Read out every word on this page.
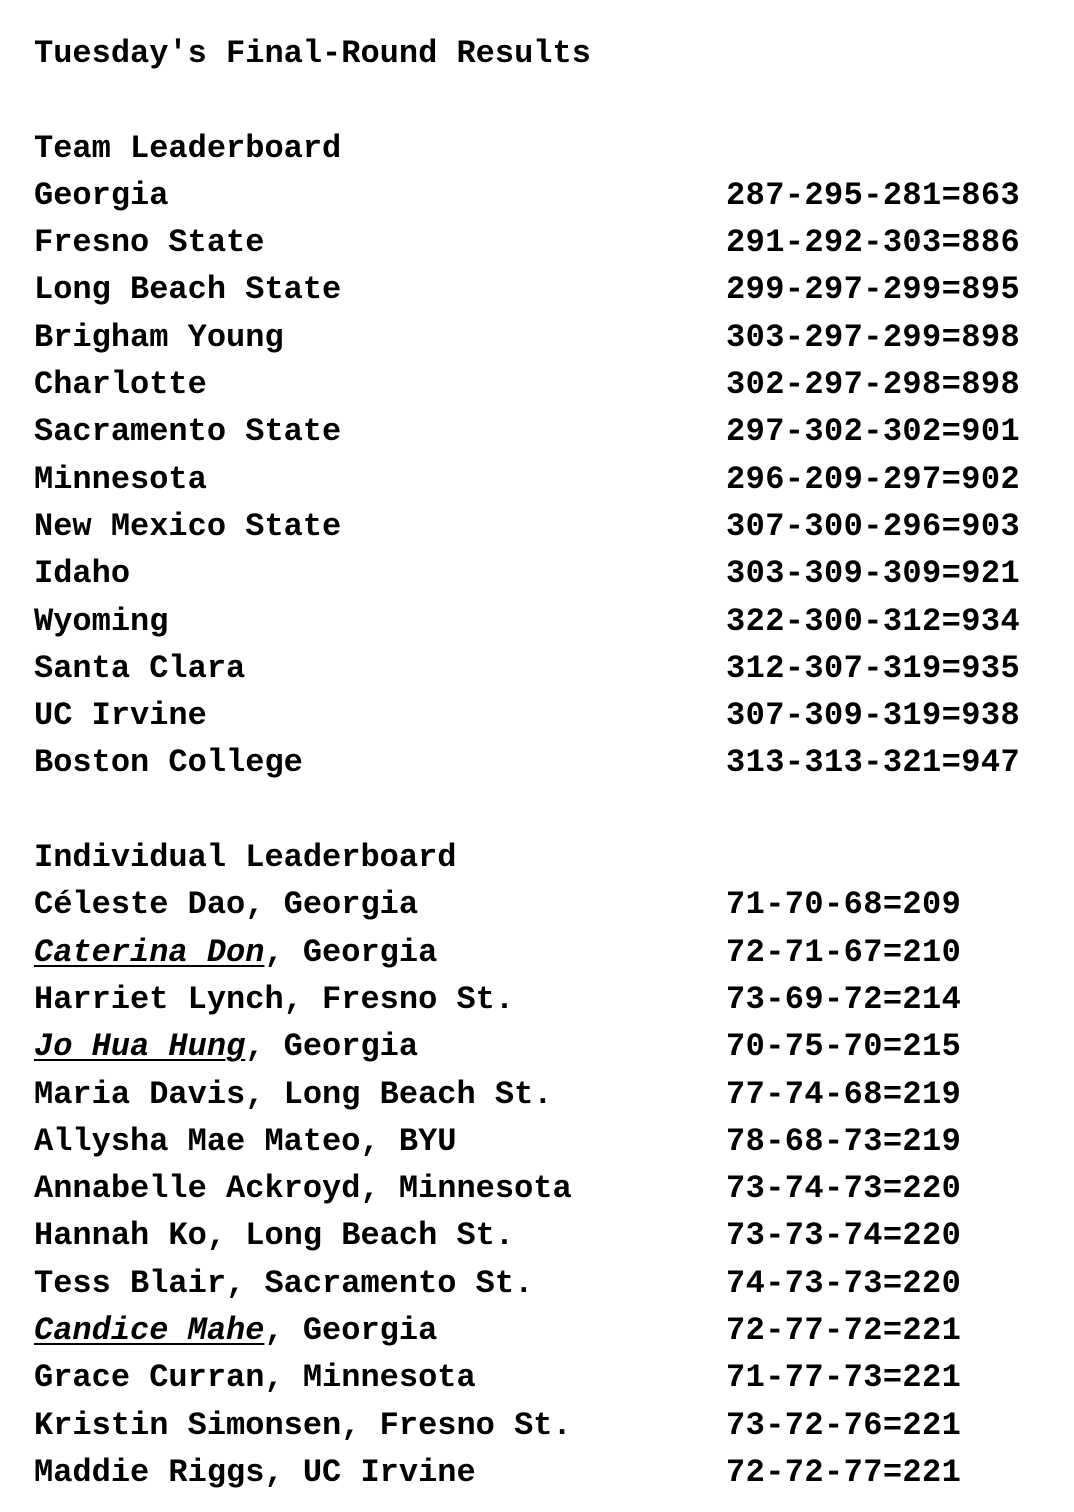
Tuesday's Final-Round Results

Team Leaderboard

Georgia	287-295-281=863
Fresno State	291-292-303=886
Long Beach State	299-297-299=895
Brigham Young	303-297-299=898
Charlotte	302-297-298=898
Sacramento State	297-302-302=901
Minnesota	296-209-297=902
New Mexico State	307-300-296=903
Idaho	303-309-309=921
Wyoming	322-300-312=934
Santa Clara	312-307-319=935
UC Irvine	307-309-319=938
Boston College	313-313-321=947

Individual Leaderboard

Céleste Dao, Georgia	71-70-68=209
Caterina Don, Georgia	72-71-67=210
Harriet Lynch, Fresno St.	73-69-72=214
Jo Hua Hung, Georgia	70-75-70=215
Maria Davis, Long Beach St.	77-74-68=219
Allysha Mae Mateo, BYU	78-68-73=219
Annabelle Ackroyd, Minnesota	73-74-73=220
Hannah Ko, Long Beach St.	73-73-74=220
Tess Blair, Sacramento St.	74-73-73=220
Candice Mahe, Georgia	72-77-72=221
Grace Curran, Minnesota	71-77-73=221
Kristin Simonsen, Fresno St.	73-72-76=221
Maddie Riggs, UC Irvine	72-72-77=221
